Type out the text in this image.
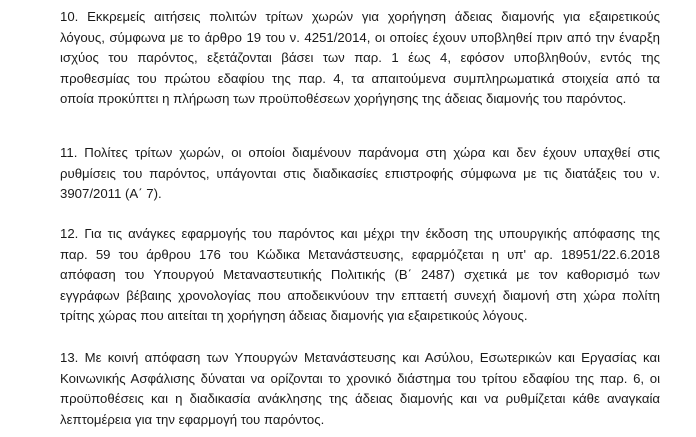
10. Εκκρεμείς αιτήσεις πολιτών τρίτων χωρών για χορήγηση άδειας διαμονής για εξαιρετικούς
λόγους, σύμφωνα με το άρθρο 19 του ν. 4251/2014, οι οποίες έχουν υποβληθεί πριν από την έναρξη
ισχύος του παρόντος, εξετάζονται βάσει των παρ. 1 έως 4, εφόσον υποβληθούν, εντός της
προθεσμίας του πρώτου εδαφίου της παρ. 4, τα απαιτούμενα συμπληρωματικά στοιχεία από τα
οποία προκύπτει η πλήρωση των προϋποθέσεων χορήγησης της άδειας διαμονής του παρόντος.
11. Πολίτες τρίτων χωρών, οι οποίοι διαμένουν παράνομα στη χώρα και δεν έχουν υπαχθεί στις
ρυθμίσεις του παρόντος, υπάγονται στις διαδικασίες επιστροφής σύμφωνα με τις διατάξεις του ν.
3907/2011 (Α΄ 7).
12. Για τις ανάγκες εφαρμογής του παρόντος και μέχρι την έκδοση της υπουργικής απόφασης της
παρ. 59 του άρθρου 176 του Κώδικα Μετανάστευσης, εφαρμόζεται η υπ' αρ. 18951/22.6.2018
απόφαση του Υπουργού Μεταναστευτικής Πολιτικής (Β΄ 2487) σχετικά με τον καθορισμό των
εγγράφων βέβαιης χρονολογίας που αποδεικνύουν την επταετή συνεχή διαμονή στη χώρα πολίτη
τρίτης χώρας που αιτείται τη χορήγηση άδειας διαμονής για εξαιρετικούς λόγους.
13. Με κοινή απόφαση των Υπουργών Μετανάστευσης και Ασύλου, Εσωτερικών και Εργασίας και
Κοινωνικής Ασφάλισης δύναται να ορίζονται το χρονικό διάστημα του τρίτου εδαφίου της παρ. 6, οι
προϋποθέσεις και η διαδικασία ανάκλησης της άδειας διαμονής και να ρυθμίζεται κάθε αναγκαία
λεπτομέρεια για την εφαρμογή του παρόντος.
